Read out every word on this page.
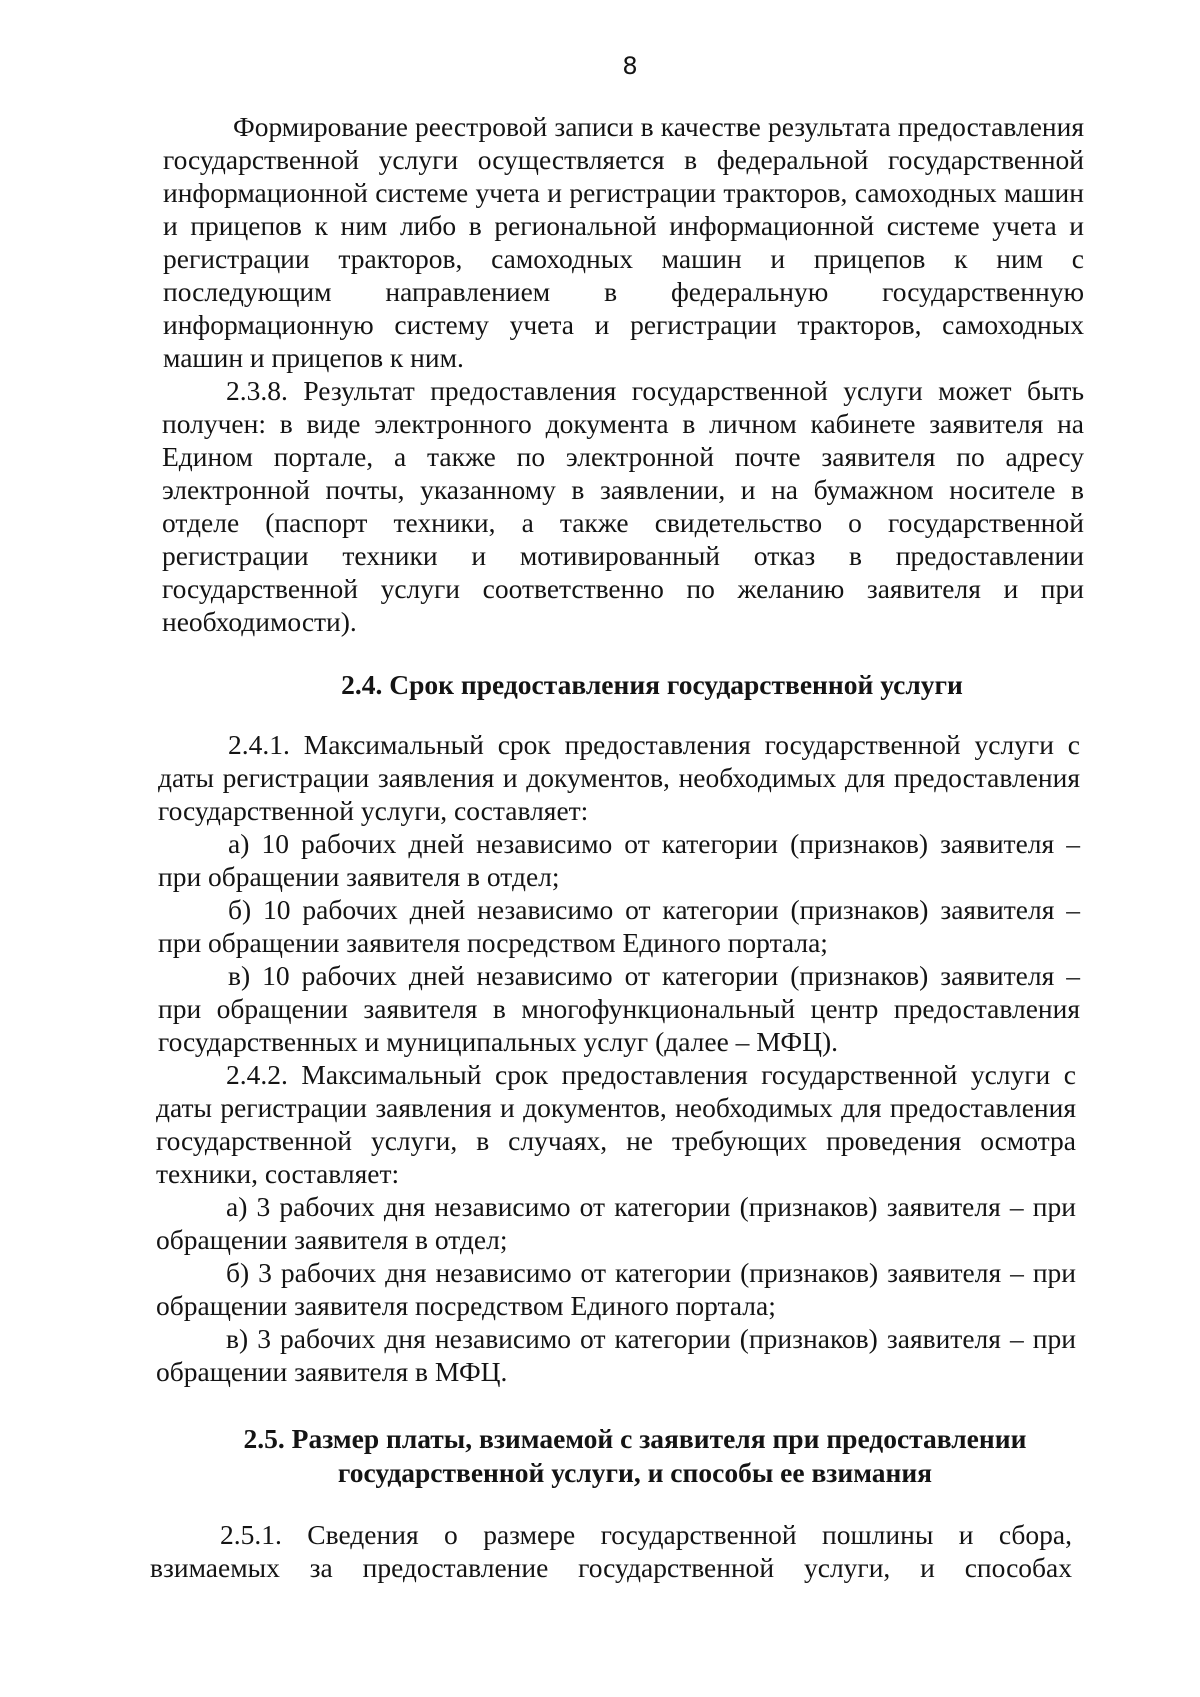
8

Формирование реестровой записи в качестве результата предоставления государственной услуги осуществляется в федеральной государственной информационной системе учета и регистрации тракторов, самоходных машин и прицепов к ним либо в региональной информационной системе учета и регистрации тракторов, самоходных машин и прицепов к ним с последующим направлением в федеральную государственную информационную систему учета и регистрации тракторов, самоходных машин и прицепов к ним.

2.3.8. Результат предоставления государственной услуги может быть получен: в виде электронного документа в личном кабинете заявителя на Едином портале, а также по электронной почте заявителя по адресу электронной почты, указанному в заявлении, и на бумажном носителе в отделе (паспорт техники, а также свидетельство о государственной регистрации техники и мотивированный отказ в предоставлении государственной услуги соответственно по желанию заявителя и при необходимости).

2.4. Срок предоставления государственной услуги

2.4.1. Максимальный срок предоставления государственной услуги с даты регистрации заявления и документов, необходимых для предоставления государственной услуги, составляет:

а) 10 рабочих дней независимо от категории (признаков) заявителя – при обращении заявителя в отдел;

б) 10 рабочих дней независимо от категории (признаков) заявителя – при обращении заявителя посредством Единого портала;

в) 10 рабочих дней независимо от категории (признаков) заявителя – при обращении заявителя в многофункциональный центр предоставления государственных и муниципальных услуг (далее – МФЦ).

2.4.2. Максимальный срок предоставления государственной услуги с даты регистрации заявления и документов, необходимых для предоставления государственной услуги, в случаях, не требующих проведения осмотра техники, составляет:

а) 3 рабочих дня независимо от категории (признаков) заявителя – при обращении заявителя в отдел;

б) 3 рабочих дня независимо от категории (признаков) заявителя – при обращении заявителя посредством Единого портала;

в) 3 рабочих дня независимо от категории (признаков) заявителя – при обращении заявителя в МФЦ.

2.5. Размер платы, взимаемой с заявителя при предоставлении
государственной услуги, и способы ее взимания

2.5.1. Сведения о размере государственной пошлины и сбора, взимаемых за предоставление государственной услуги, и способах
